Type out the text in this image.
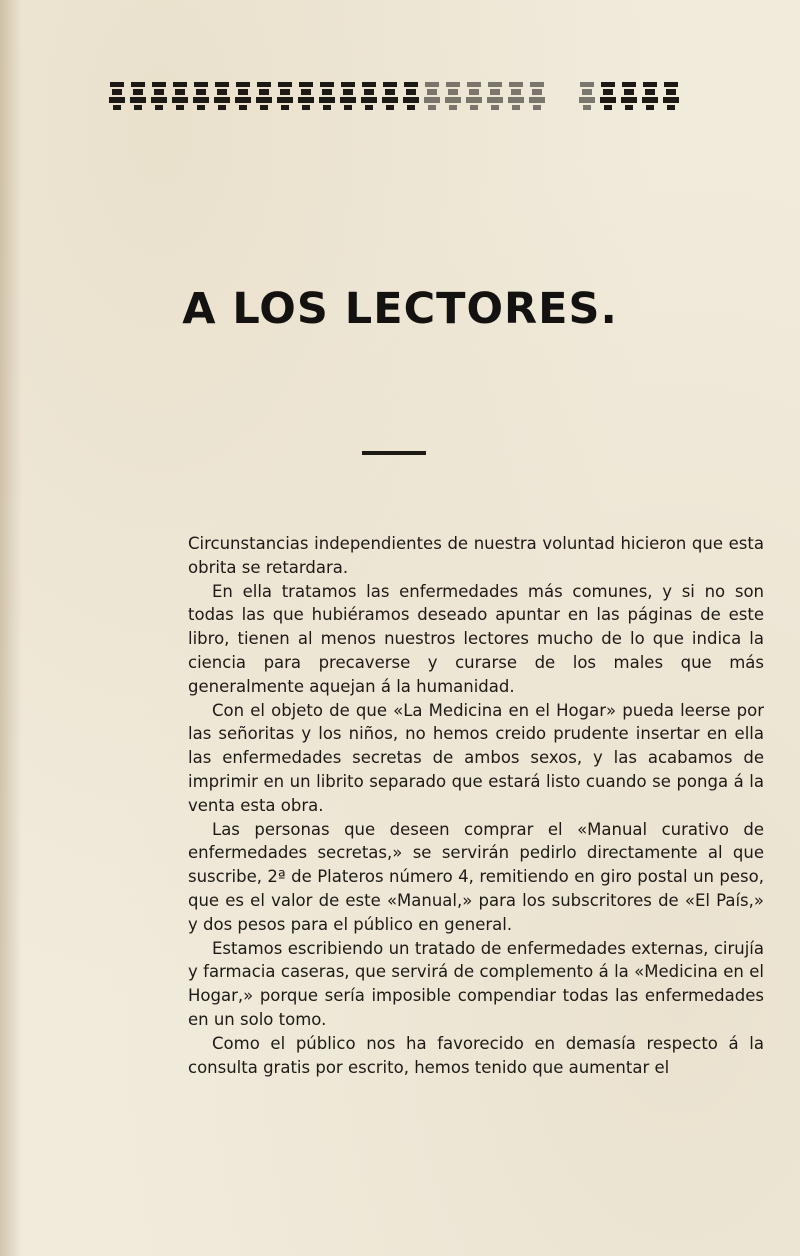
A LOS LECTORES.

Circunstancias independientes de nuestra voluntad hicieron que esta obrita se retardara.

En ella tratamos las enfermedades más comunes, y si no son todas las que hubiéramos deseado apuntar en las páginas de este libro, tienen al menos nuestros lectores mucho de lo que indica la ciencia para precaverse y curarse de los males que más generalmente aquejan á la humanidad.

Con el objeto de que «La Medicina en el Hogar» pueda leerse por las señoritas y los niños, no hemos creido prudente insertar en ella las enfermedades secretas de ambos sexos, y las acabamos de imprimir en un librito separado que estará listo cuando se ponga á la venta esta obra.

Las personas que deseen comprar el «Manual curativo de enfermedades secretas,» se servirán pedirlo directamente al que suscribe, 2ª de Plateros número 4, remitiendo en giro postal un peso, que es el valor de este «Manual,» para los subscritores de «El País,» y dos pesos para el público en general.

Estamos escribiendo un tratado de enfermedades externas, cirujía y farmacia caseras, que servirá de complemento á la «Medicina en el Hogar,» porque sería imposible compendiar todas las enfermedades en un solo tomo.

Como el público nos ha favorecido en demasía respecto á la consulta gratis por escrito, hemos tenido que aumentar el
